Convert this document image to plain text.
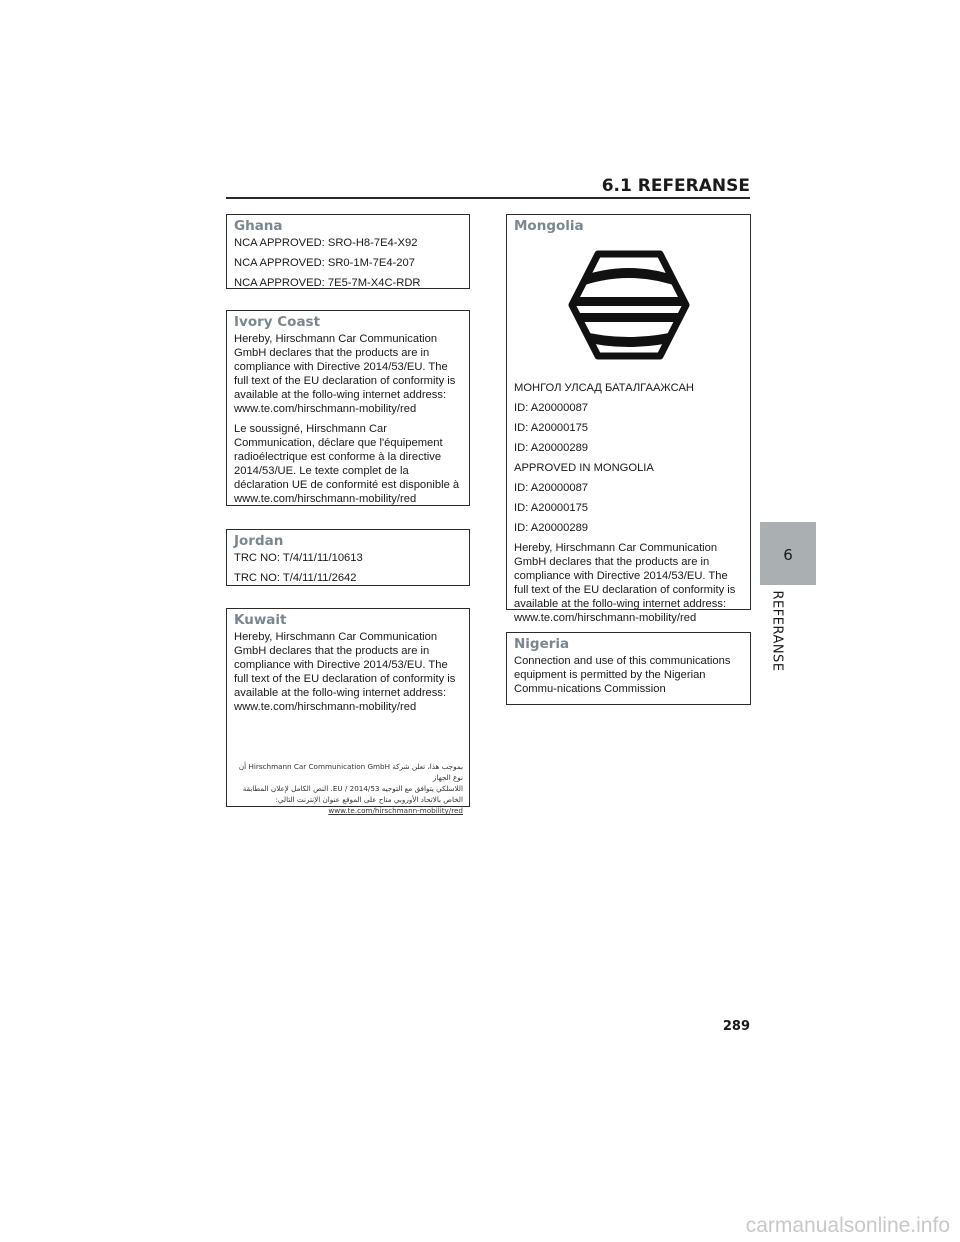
6.1 REFERANSE
Ghana

NCA APPROVED: SRO-H8-7E4-X92

NCA APPROVED: SR0-1M-7E4-207

NCA APPROVED: 7E5-7M-X4C-RDR

Ivory Coast

Hereby, Hirschmann Car Communication GmbH declares that the products are in compliance with Directive 2014/53/EU. The full text of the EU declaration of conformity is available at the follo-wing internet address: www.te.com/hirschmann-mobility/red

Le soussigné, Hirschmann Car Communication, déclare que l'équipement radioélectrique est conforme à la directive 2014/53/UE. Le texte complet de la déclaration UE de conformité est disponible à www.te.com/hirschmann-mobility/red

Jordan

TRC NO: T/4/11/11/10613

TRC NO: T/4/11/11/2642

Kuwait

Hereby, Hirschmann Car Communication GmbH declares that the products are in compliance with Directive 2014/53/EU. The full text of the EU declaration of conformity is available at the follo-wing internet address: www.te.com/hirschmann-mobility/red

بموجب هذا، تعلن شركة Hirschmann Car Communication GmbH أن نوع الجهاز
اللاسلكي يتوافق مع التوجيه 2014/53 / EU. النص الكامل لإعلان المطابقة
الخاص بالاتحاد الأوروبي متاح على الموقع عنوان الإنترنت التالي:
www.te.com/hirschmann-mobility/red
Mongolia

МОНГОЛ УЛСАД БАТАЛГААЖСАН

ID: A20000087

ID: A20000175

ID: A20000289

APPROVED IN MONGOLIA

ID: A20000087

ID: A20000175

ID: A20000289

Hereby, Hirschmann Car Communication GmbH declares that the products are in compliance with Directive 2014/53/EU. The full text of the EU declaration of conformity is available at the follo-wing internet address: www.te.com/hirschmann-mobility/red

Nigeria

Connection and use of this communications equipment is permitted by the Nigerian Commu-nications Commission

6
REFERANSE
289
carmanualsonline.info
